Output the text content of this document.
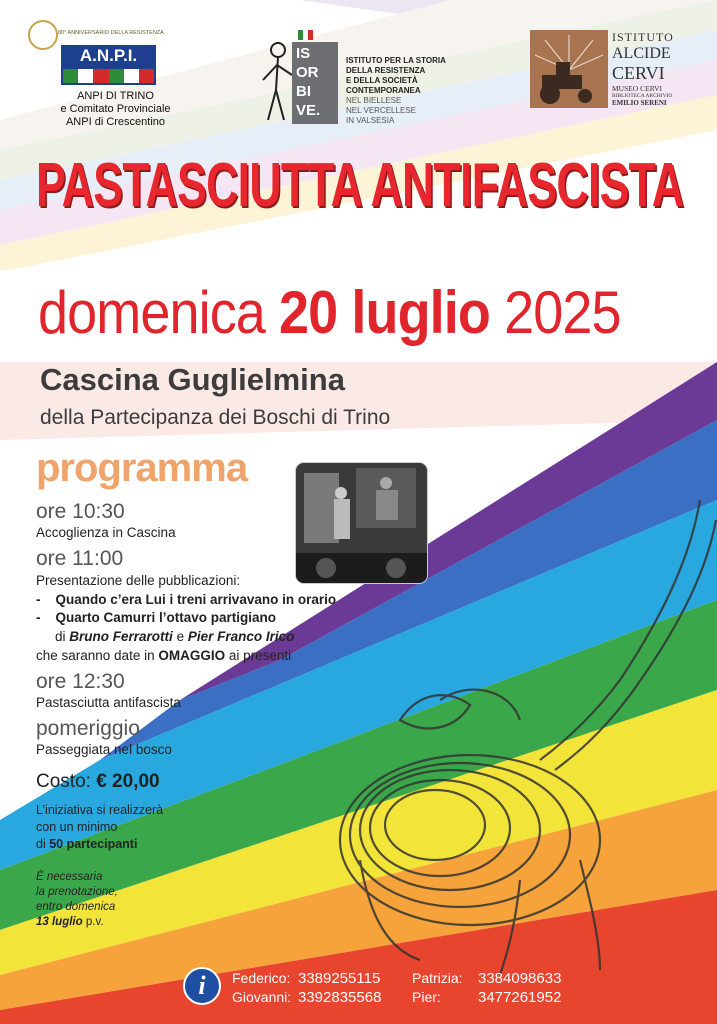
80° ANNIVERSARIO DELLA RESISTENZA
A.N.P.I.
ANPI DI TRINO
e Comitato Provinciale
ANPI di Crescentino
IS
OR
BI
VE.
ISTITUTO PER LA STORIA
DELLA RESISTENZA
E DELLA SOCIETÀ
CONTEMPORANEA
NEL BIELLESE
NEL VERCELLESE
IN VALSESIA
ISTITUTO
ALCIDE
CERVI
MUSEO CERVI
BIBLIOTECA ARCHIVIO
EMILIO SERENI
PASTASCIUTTA ANTIFASCISTA
domenica 20 luglio 2025
Cascina Guglielmina
della Partecipanza dei Boschi di Trino
programma
ore 10:30
Accoglienza in Cascina
ore 11:00
Presentazione delle pubblicazioni:
- Quando c’era Lui i treni arrivavano in orario
- Quarto Camurri l’ottavo partigiano
di Bruno Ferrarotti e Pier Franco Irico
che saranno date in OMAGGIO ai presenti
ore 12:30
Pastasciutta antifascista
pomeriggio
Passeggiata nel bosco
Costo: € 20,00
L’iniziativa si realizzerà
con un minimo
di 50 partecipanti
È necessaria
la prenotazione,
entro domenica
13 luglio p.v.
i	Federico: 3389255115
Giovanni: 3392835568
Patrizia: 3384098633
Pier: 3477261952
